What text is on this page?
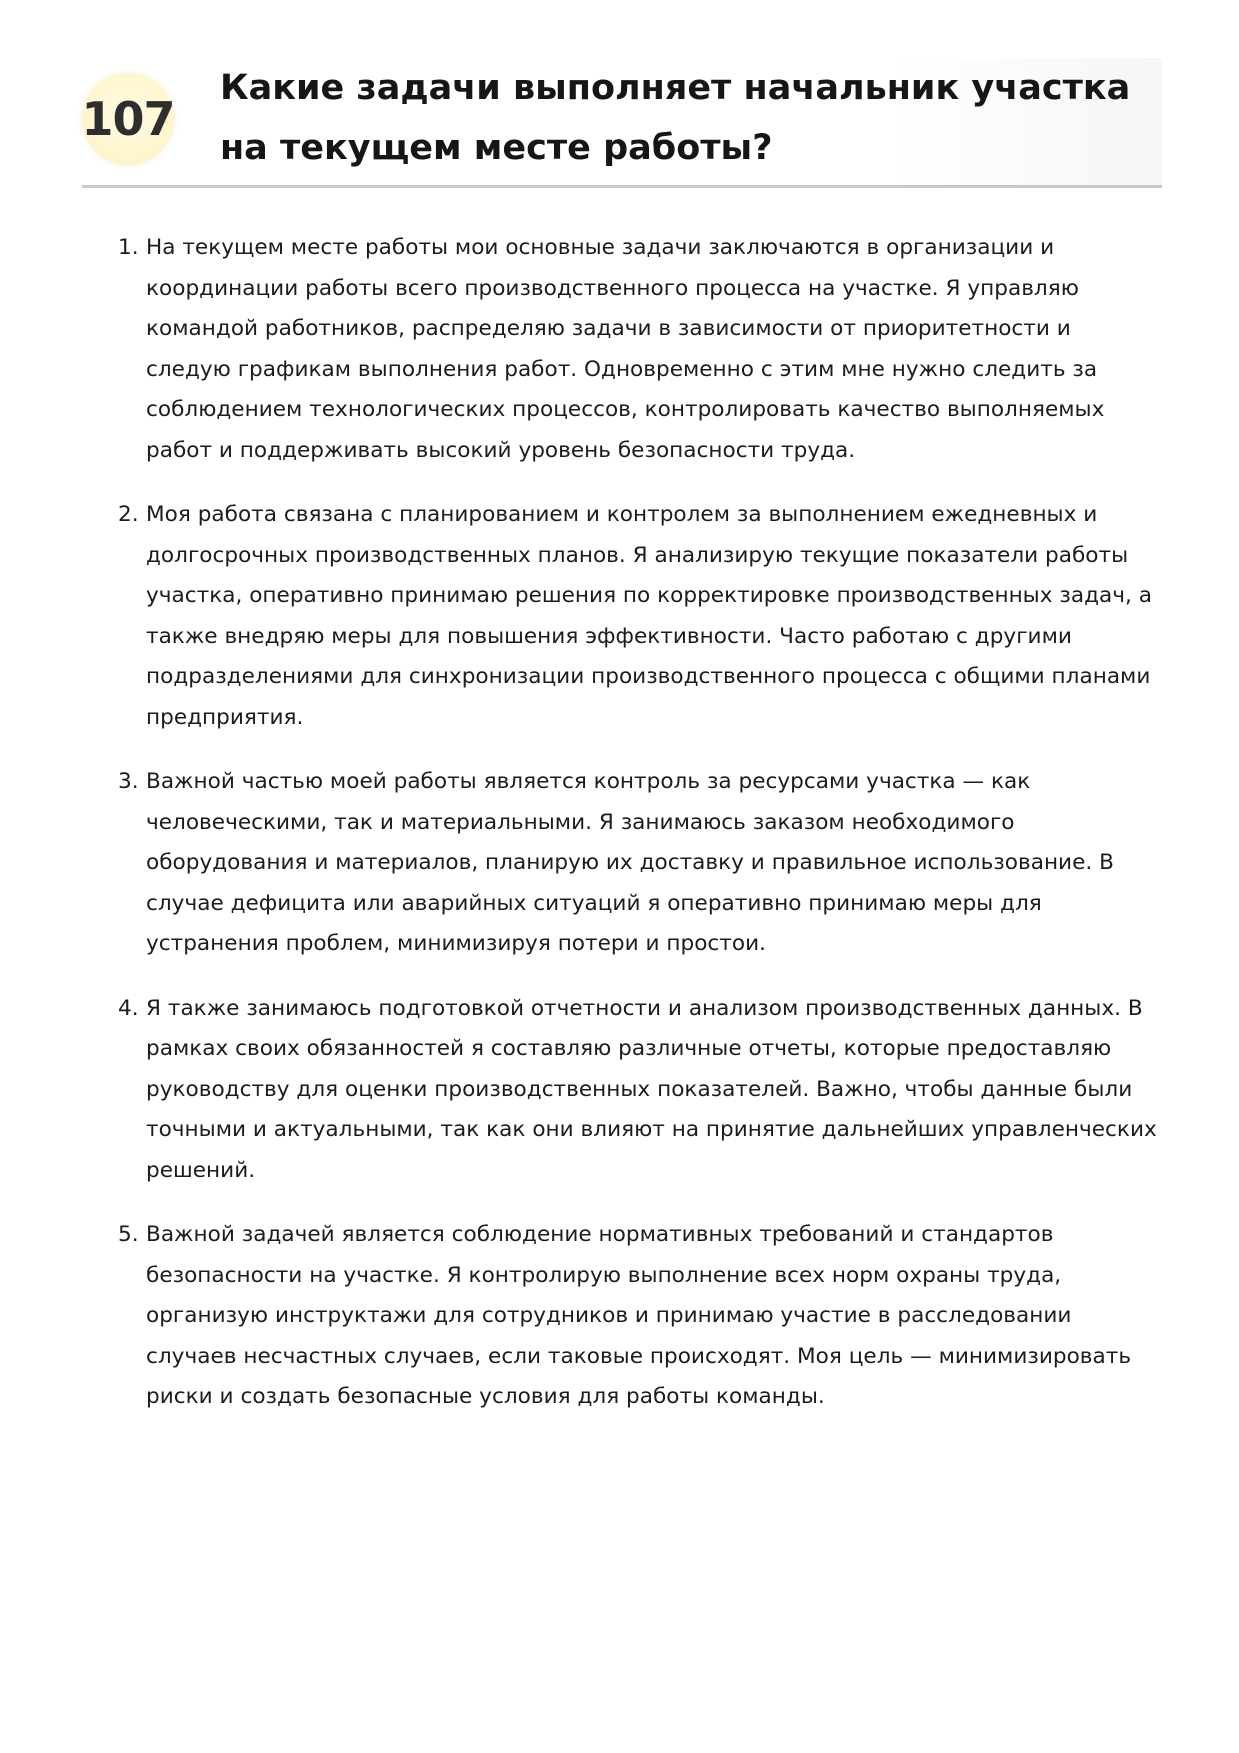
107
Какие задачи выполняет начальник участка на текущем месте работы?
1. На текущем месте работы мои основные задачи заключаются в организации и координации работы всего производственного процесса на участке. Я управляю командой работников, распределяю задачи в зависимости от приоритетности и следую графикам выполнения работ. Одновременно с этим мне нужно следить за соблюдением технологических процессов, контролировать качество выполняемых работ и поддерживать высокий уровень безопасности труда.
2. Моя работа связана с планированием и контролем за выполнением ежедневных и долгосрочных производственных планов. Я анализирую текущие показатели работы участка, оперативно принимаю решения по корректировке производственных задач, а также внедряю меры для повышения эффективности. Часто работаю с другими подразделениями для синхронизации производственного процесса с общими планами предприятия.
3. Важной частью моей работы является контроль за ресурсами участка — как человеческими, так и материальными. Я занимаюсь заказом необходимого оборудования и материалов, планирую их доставку и правильное использование. В случае дефицита или аварийных ситуаций я оперативно принимаю меры для устранения проблем, минимизируя потери и простои.
4. Я также занимаюсь подготовкой отчетности и анализом производственных данных. В рамках своих обязанностей я составляю различные отчеты, которые предоставляю руководству для оценки производственных показателей. Важно, чтобы данные были точными и актуальными, так как они влияют на принятие дальнейших управленческих решений.
5. Важной задачей является соблюдение нормативных требований и стандартов безопасности на участке. Я контролирую выполнение всех норм охраны труда, организую инструктажи для сотрудников и принимаю участие в расследовании случаев несчастных случаев, если таковые происходят. Моя цель — минимизировать риски и создать безопасные условия для работы команды.
